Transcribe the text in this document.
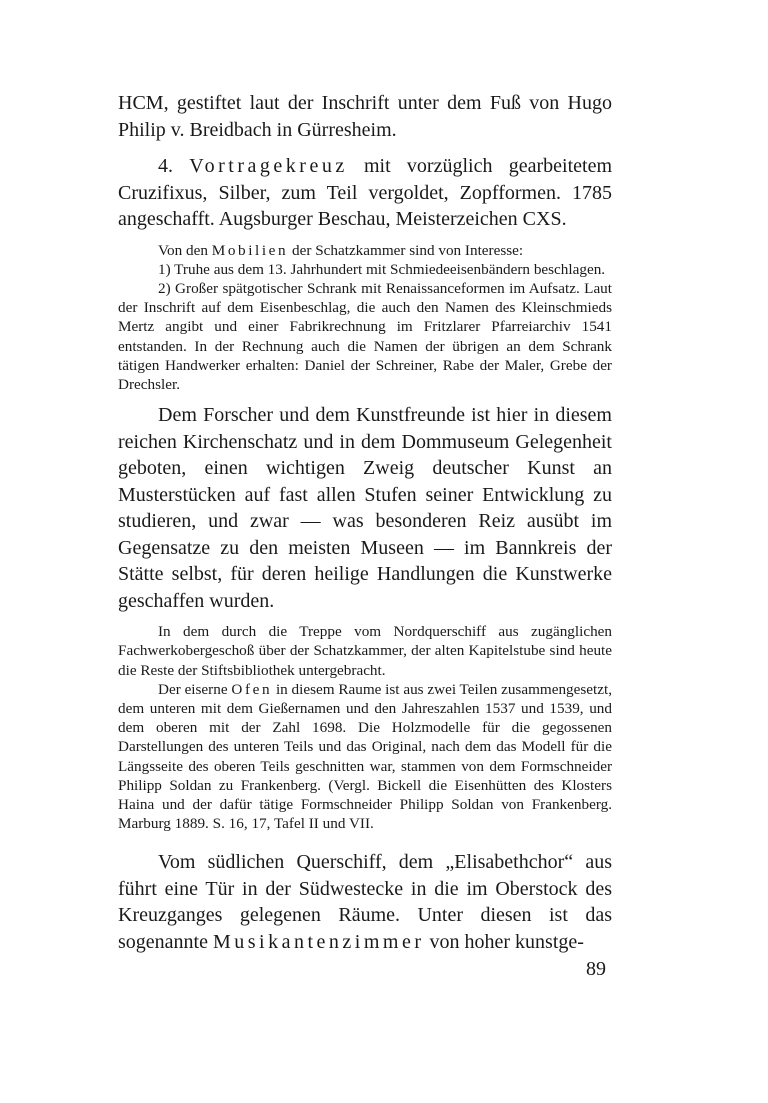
HCM, gestiftet laut der Inschrift unter dem Fuß von Hugo Philip v. Breidbach in Gürresheim.

4. Vortragekreuz mit vorzüglich gearbeitetem Cruzifixus, Silber, zum Teil vergoldet, Zopfformen. 1785 angeschafft. Augsburger Beschau, Meisterzeichen CXS.

Von den Mobilien der Schatzkammer sind von Interesse:

1) Truhe aus dem 13. Jahrhundert mit Schmiedeeisenbändern beschlagen.

2) Großer spätgotischer Schrank mit Renaissanceformen im Aufsatz. Laut der Inschrift auf dem Eisenbeschlag, die auch den Namen des Kleinschmieds Mertz angibt und einer Fabrikrechnung im Fritzlarer Pfarreiarchiv 1541 entstanden. In der Rechnung auch die Namen der übrigen an dem Schrank tätigen Handwerker erhalten: Daniel der Schreiner, Rabe der Maler, Grebe der Drechsler.

Dem Forscher und dem Kunstfreunde ist hier in diesem reichen Kirchenschatz und in dem Dommuseum Gelegenheit geboten, einen wichtigen Zweig deutscher Kunst an Musterstücken auf fast allen Stufen seiner Entwicklung zu studieren, und zwar — was besonderen Reiz ausübt im Gegensatze zu den meisten Museen — im Bannkreis der Stätte selbst, für deren heilige Handlungen die Kunstwerke geschaffen wurden.

In dem durch die Treppe vom Nordquerschiff aus zugänglichen Fachwerkobergeschoß über der Schatzkammer, der alten Kapitelstube sind heute die Reste der Stiftsbibliothek untergebracht.

Der eiserne Ofen in diesem Raume ist aus zwei Teilen zusammengesetzt, dem unteren mit dem Gießernamen und den Jahreszahlen 1537 und 1539, und dem oberen mit der Zahl 1698. Die Holzmodelle für die gegossenen Darstellungen des unteren Teils und das Original, nach dem das Modell für die Längsseite des oberen Teils geschnitten war, stammen von dem Formschneider Philipp Soldan zu Frankenberg. (Vergl. Bickell die Eisenhütten des Klosters Haina und der dafür tätige Formschneider Philipp Soldan von Frankenberg. Marburg 1889. S. 16, 17, Tafel II und VII.

Vom südlichen Querschiff, dem „Elisabethchor“ aus führt eine Tür in der Südwestecke in die im Oberstock des Kreuzganges gelegenen Räume. Unter diesen ist das sogenannte Musikantenzimmer von hoher kunstge-

89
